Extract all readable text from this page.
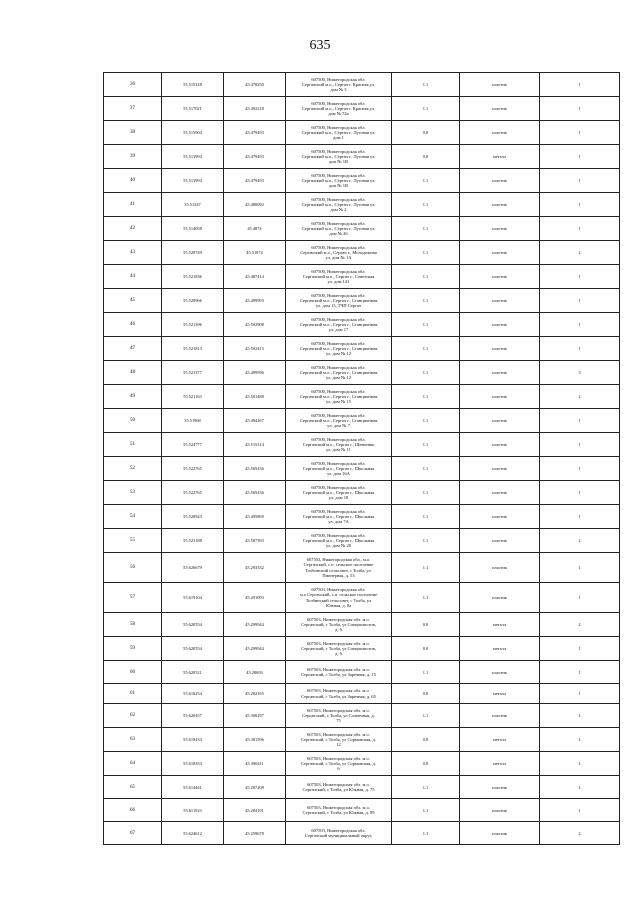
635
36	55.515128	45.478250	607500, Нижегородская обл.
Сергачский м.о., Сергач г. Красная ул.
дом № 3	1.1	пластик	1
37	55.517021	45.492218	607500, Нижегородская обл.
Сергачский м.о., Сергач г. Красная ул.
дом № 74а	1.1	пластик	1
38	55.515904	45.479493	607500, Нижегородская обл.
Сергачский м.о., Сергач г., Луговая ул.
дом 1	0.8	пластик	1
39	55.513994	45.479493	607500, Нижегородская обл.
Сергачский м.о., Сергач г., Луговая ул.
дом № 1В	0.8	металл	1
40	55.513994	45.479493	607500, Нижегородская обл.
Сергачский м.о., Сергач г., Луговая ул.
дом № 1В	1.1	пластик	1
41	55.51347	45.480092	607500, Нижегородская обл.
Сергачский м.о., Сергач г., Луговая ул.
дом № 2	1.1	пластик	1
42	55.514058	45.4874	607500, Нижегородская обл.
Сергачский м.о., Сергач г., Луговая ул.
дом № 26	1.1	пластик	1
43	55.528749	45.51074	607500, Нижегородская обл.
Сергачский м.о., Сергач г., Молодежная
ул. дом № 1А	1.1	пластик	2
44	55.521836	45.487414	607500, Нижегородская обл.
Сергачский м.о., Сергач г., Советская
ул. дом 141	1.1	пластик	1
45	55.520966	45.499993	607500, Нижегородская обл.
Сергачский м.о., Сергач г., Станционная
ул. дом 13, ТЧП Сергач	1.1	пластик	1
46	55.521396	45.502908	607500, Нижегородская обл.
Сергачский м.о., Сергач г., Станционная
ул. дом 17	1.1	пластик	1
47	55.521813	45.502415	607500, Нижегородская обл.
Сергачский м.о., Сергач г., Станционная
ул. дом № 12	1.1	пластик	1
48	55.521377	45.499596	607500, Нижегородская обл.
Сергачский м.о., Сергач г., Станционная
ул. дом № 12	1.1	пластик	3
49	55.521163	45.501488	607500, Нижегородская обл.
Сергачский м.о., Сергач г., Станционная
ул. дом № 15	1.1	пластик	2
50	55.51968	45.494267	607500, Нижегородская обл.
Сергачский м.о., Сергач г., Станционная
ул. дом № 7	1.1	пластик	1
51	55.524777	45.515314	607500, Нижегородская обл.
Сергачский м.о., Сергач г., Шевченко
ул. дом № 11	1.1	пластик	1
52	55.522765	45.505436	607500, Нижегородская обл.
Сергачский м.о., Сергач г., Школьная
ул. дом 16А	1.1	пластик	1
53	55.522765	45.505436	607500, Нижегородская обл.
Сергачский м.о., Сергач г., Школьная
ул. дом 18	1.1	пластик	1
54	55.520923	45.495869	607500, Нижегородская обл.
Сергачский м.о., Сергач г., Школьная
ул. дом 7А	1.1	пластик	1
55	55.523188	45.507393	607500, Нижегородская обл.
Сергачский м.о., Сергач г., Школьная
ул. дом № 20	1.1	пластик	2
56	55.626679	45.293532	607503, Нижегородская обл., м.о.
Сергачский, с.п. сельское поселение
Толбинский сельсовет, с Толба, ул.
Пионерная, д. 53	1.1	пластик	1
57	55.619104	45.291093	607503, Нижегородская обл.
м.о Сергачский, с.п. сельское поселение
Толбинский сельсовет, с Толба, ул
Южная, д. 8а	1.1	пластик	1
58	55.620554	45.299944	607503, Нижегородская обл. м.о.
Сергачский, с Толба, ул Специалистов,
д. 6	0.8	металл	2
59	55.620554	45.299944	607503, Нижегородская обл. м.о.
Сергачский, с Толба, ул Специалистов,
д. 6	8.0	металл	1
60	55.620521	45.28693	607503, Нижегородская обл. м.о.
Сергачский, с Толба, ул Заречная, д. 15	1.1	пластик	1
61	55.616254	45.282165	607503, Нижегородская обл. м.о.
Сергачский, с Толба, ул Заречная, д. 65	0.8	металл	1
62	55.620457	45.300297	607503, Нижегородская обл. м.о.
Сергачский, с Толба, ул Солнечная, д.
75	1.1	пластик	1
63	55.619433	45.301596	607503, Нижегородская обл. м.о.
Сергачский, с Толба, ул Сормовская, д.
12	0.8	металл	1
64	55.618353	45.300411	607503, Нижегородская обл. м.о.
Сергачский, с Толба, ул Сормовская, д.
6	0.8	металл	1
65	55.614441	45.287208	607503, Нижегородская обл. м.о.
Сергачский, с Толба, ул Южная, д. 75	1.1	пластик	1
66	55.611923	45.284191	607503, Нижегородская обл. м.о.
Сергачский, с Толба, ул Южная, д. 99	1.1	пластик	1
67	55.624612	45.259678	607503, Нижегородская обл.
Сергачский муниципальный округ,	1.1	пластик	2
